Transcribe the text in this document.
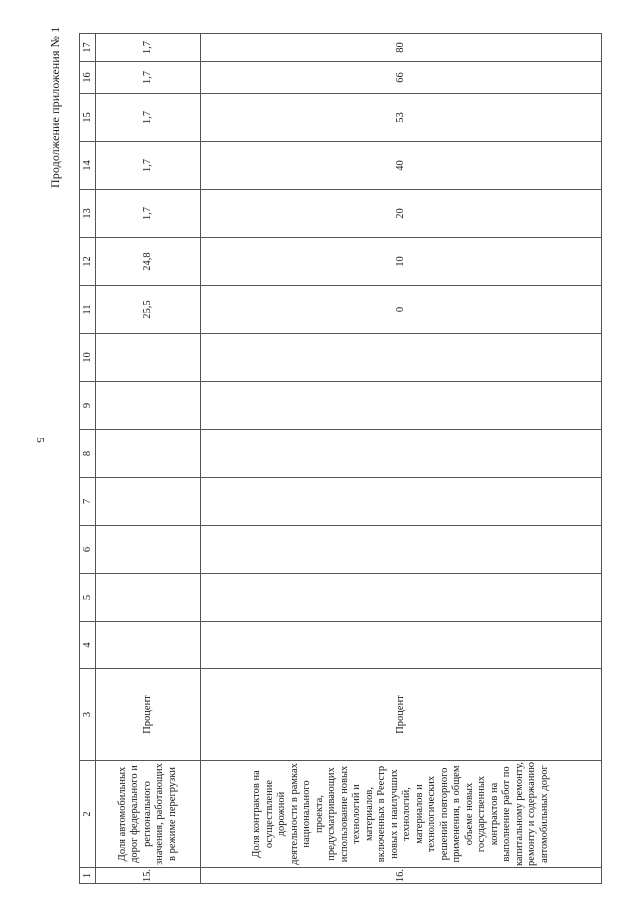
5
Продолжение приложения № 1
1	2	3	4	5	6	7	8	9	10	11	12	13	14	15	16	17
15.	Доля автомобильных дорог федерального и регионального значения, работающих в режиме перегрузки	Процент								25,5	24,8	1,7	1,7	1,7	1,7	1,7
16.	Доля контрактов на осуществление дорожной деятельности в рамках национального проекта, предусматривающих использование новых технологий и материалов, включенных в Реестр новых и наилучших технологий, материалов и технологических решений повторного применения, в общем объеме новых государственных контрактов на выполнение работ по капитальному ремонту, ремонту и содержанию автомобильных дорог	Процент								0	10	20	40	53	66	80
